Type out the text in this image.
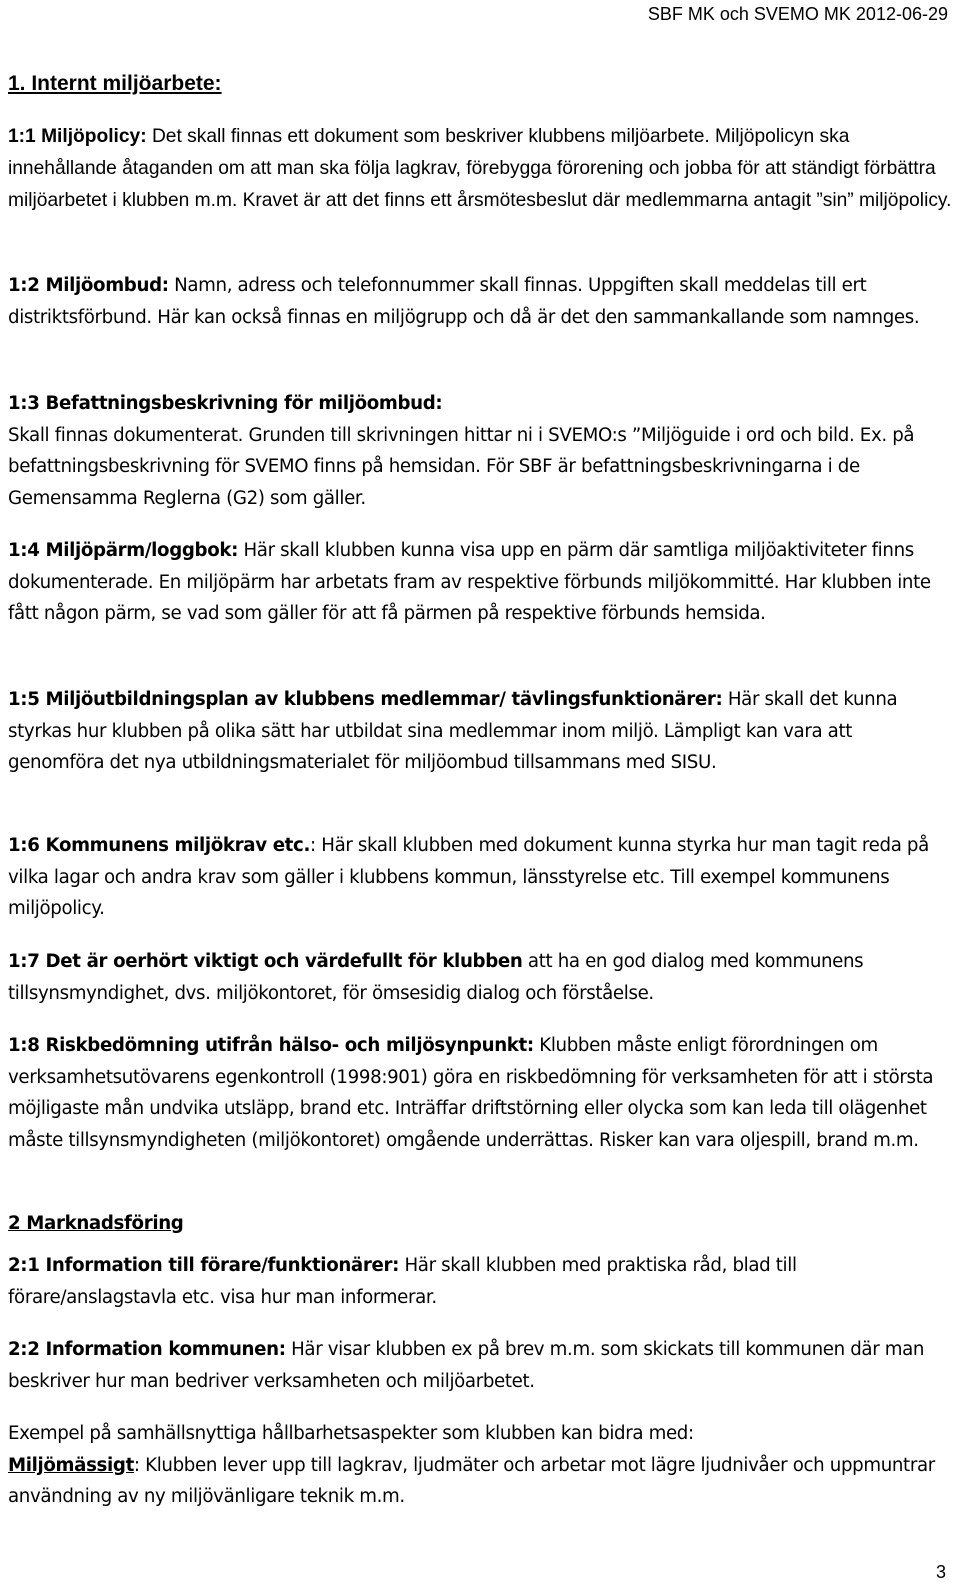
SBF MK och SVEMO MK 2012-06-29
1. Internt miljöarbete:
1:1 Miljöpolicy: Det skall finnas ett dokument som beskriver klubbens miljöarbete. Miljöpolicyn ska innehållande åtaganden om att man ska följa lagkrav, förebygga förorening och jobba för att ständigt förbättra miljöarbetet i klubben m.m. Kravet är att det finns ett årsmötesbeslut där medlemmarna antagit ”sin” miljöpolicy.
1:2 Miljöombud: Namn, adress och telefonnummer skall finnas. Uppgiften skall meddelas till ert distriktsförbund. Här kan också finnas en miljögrupp och då är det den sammankallande som namnges.
1:3 Befattningsbeskrivning för miljöombud:
Skall finnas dokumenterat. Grunden till skrivningen hittar ni i SVEMO:s ”Miljöguide i ord och bild. Ex. på befattningsbeskrivning för SVEMO finns på hemsidan. För SBF är befattningsbeskrivningarna i de Gemensamma Reglerna (G2) som gäller.
1:4 Miljöpärm/loggbok: Här skall klubben kunna visa upp en pärm där samtliga miljöaktiviteter finns dokumenterade. En miljöpärm har arbetats fram av respektive förbunds miljökommitté. Har klubben inte fått någon pärm, se vad som gäller för att få pärmen på respektive förbunds hemsida.
1:5 Miljöutbildningsplan av klubbens medlemmar/ tävlingsfunktionärer: Här skall det kunna styrkas hur klubben på olika sätt har utbildat sina medlemmar inom miljö. Lämpligt kan vara att genomföra det nya utbildningsmaterialet för miljöombud tillsammans med SISU.
1:6 Kommunens miljökrav etc.: Här skall klubben med dokument kunna styrka hur man tagit reda på vilka lagar och andra krav som gäller i klubbens kommun, länsstyrelse etc. Till exempel kommunens miljöpolicy.
1:7 Det är oerhört viktigt och värdefullt för klubben att ha en god dialog med kommunens tillsynsmyndighet, dvs. miljökontoret, för ömsesidig dialog och förståelse.
1:8 Riskbedömning utifrån hälso- och miljösynpunkt: Klubben måste enligt förordningen om verksamhetsutövarens egenkontroll (1998:901) göra en riskbedömning för verksamheten för att i största möjligaste mån undvika utsläpp, brand etc. Inträffar driftstörning eller olycka som kan leda till olägenhet måste tillsynsmyndigheten (miljökontoret) omgående underrättas. Risker kan vara oljespill, brand m.m.
2 Marknadsföring
2:1 Information till förare/funktionärer: Här skall klubben med praktiska råd, blad till förare/anslagstavla etc. visa hur man informerar.
2:2 Information kommunen: Här visar klubben ex på brev m.m. som skickats till kommunen där man beskriver hur man bedriver verksamheten och miljöarbetet.
Exempel på samhällsnyttiga hållbarhetsaspekter som klubben kan bidra med:
Miljömässigt: Klubben lever upp till lagkrav, ljudmäter och arbetar mot lägre ljudnivåer och uppmuntrar användning av ny miljövänligare teknik m.m.
3
